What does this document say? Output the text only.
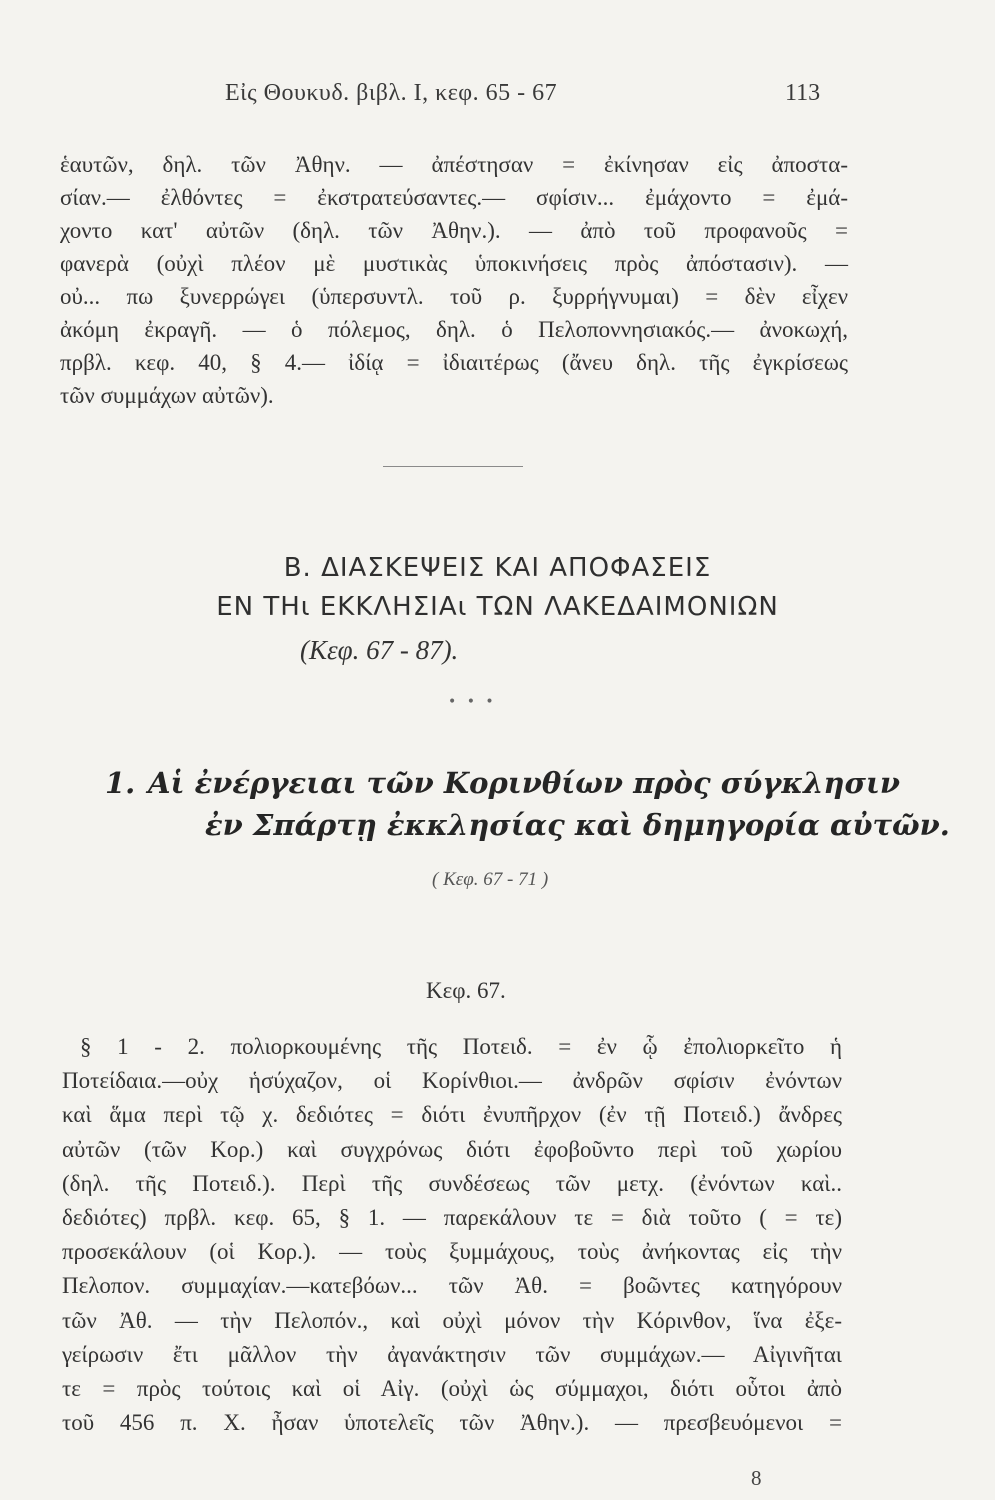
Εἰς Θουκυδ. βιβλ. Ι, κεφ. 65 - 67	113
ἑαυτῶν, δηλ. τῶν Ἀθην. — ἀπέστησαν = ἐκίνησαν εἰς ἀποστα-
σίαν.— ἐλθόντες = ἐκστρατεύσαντες.— σφίσιν... ἐμάχοντο = ἐμά-
χοντο κατ' αὐτῶν (δηλ. τῶν Ἀθην.). — ἀπὸ τοῦ προφανοῦς =
φανερὰ (οὐχὶ πλέον μὲ μυστικὰς ὑποκινήσεις πρὸς ἀπόστασιν). —
οὐ... πω ξυνερρώγει (ὑπερσυντλ. τοῦ ρ. ξυρρήγνυμαι) = δὲν εἶχεν
ἀκόμη ἐκραγῆ. — ὁ πόλεμος, δηλ. ὁ Πελοποννησιακός.— ἀνοκωχή,
πρβλ. κεφ. 40, § 4.— ἰδίᾳ = ἰδιαιτέρως (ἄνευ δηλ. τῆς ἐγκρίσεως
τῶν συμμάχων αὐτῶν).
Β. ΔΙΑΣΚΕΨΕΙΣ ΚΑΙ ΑΠΟΦΑΣΕΙΣ
ΕΝ ΤΗι ΕΚΚΛΗΣΙΑι ΤΩΝ ΛΑΚΕΔΑΙΜΟΝΙΩΝ
(Κεφ. 67 - 87).
• • •
1. Αἱ ἐνέργειαι τῶν Κορινθίων πρὸς σύγκλησιν
ἐν Σπάρτῃ ἐκκλησίας καὶ δημηγορία αὐτῶν.
( Κεφ. 67 - 71 )
Κεφ. 67.
§ 1 - 2. πολιορκουμένης τῆς Ποτειδ. = ἐν ᾧ ἐπολιορκεῖτο ἡ
Ποτείδαια.—οὐχ ἡσύχαζον, οἱ Κορίνθιοι.— ἀνδρῶν σφίσιν ἐνόντων
καὶ ἅμα περὶ τῷ χ. δεδιότες = διότι ἐνυπῆρχον (ἐν τῇ Ποτειδ.) ἄνδρες
αὐτῶν (τῶν Κορ.) καὶ συγχρόνως διότι ἐφοβοῦντο περὶ τοῦ χωρίου
(δηλ. τῆς Ποτειδ.). Περὶ τῆς συνδέσεως τῶν μετχ. (ἐνόντων καὶ..
δεδιότες) πρβλ. κεφ. 65, § 1. — παρεκάλουν τε = διὰ τοῦτο ( = τε)
προσεκάλουν (οἱ Κορ.). — τοὺς ξυμμάχους, τοὺς ἀνήκοντας εἰς τὴν
Πελοπον. συμμαχίαν.—κατεβόων... τῶν Ἀθ. = βοῶντες κατηγόρουν
τῶν Ἀθ. — τὴν Πελοπόν., καὶ οὐχὶ μόνον τὴν Κόρινθον, ἵνα ἐξε-
γείρωσιν ἔτι μᾶλλον τὴν ἀγανάκτησιν τῶν συμμάχων.— Αἰγινῆται
τε = πρὸς τούτοις καὶ οἱ Αἰγ. (οὐχὶ ὡς σύμμαχοι, διότι οὗτοι ἀπὸ
τοῦ 456 π. Χ. ἦσαν ὑποτελεῖς τῶν Ἀθην.). — πρεσβευόμενοι =
8
